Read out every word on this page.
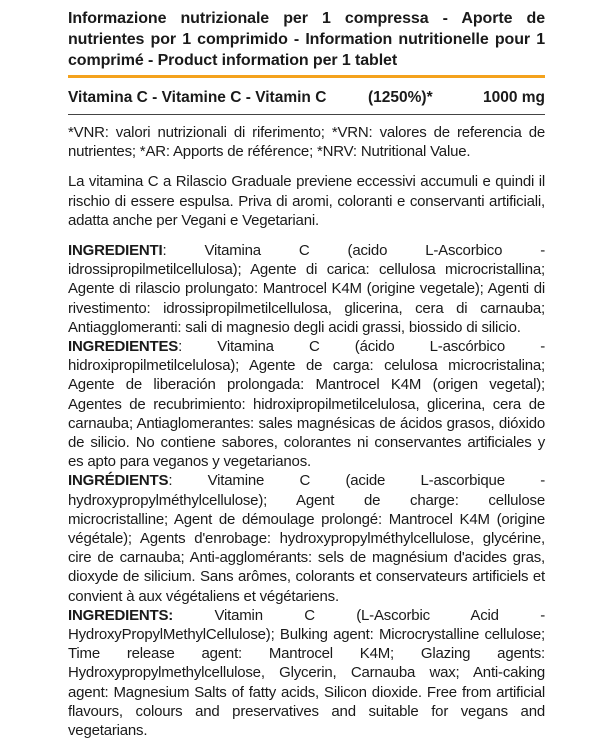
Informazione nutrizionale per 1 compressa - Aporte de nutrientes por 1 comprimido - Information nutritionelle pour 1 comprimé - Product information per 1 tablet
Vitamina C - Vitamine C - Vitamin C	(1250%)*	1000 mg
*VNR: valori nutrizionali di riferimento; *VRN: valores de referencia de nutrientes; *AR: Apports de référence; *NRV: Nutritional Value.
La vitamina C a Rilascio Graduale previene eccessivi accumuli e quindi il rischio di essere espulsa. Priva di aromi, coloranti e conservanti artificiali, adatta anche per Vegani e Vegetariani.
INGREDIENTI: Vitamina C (acido L-Ascorbico - idrossipropilmetilcellulosa); Agente di carica: cellulosa microcristallina; Agente di rilascio prolungato: Mantrocel K4M (origine vegetale); Agenti di rivestimento: idrossipropilmetilcellulosa, glicerina, cera di carnauba; Antiagglomeranti: sali di magnesio degli acidi grassi, biossido di silicio.
INGREDIENTES: Vitamina C (ácido L-ascórbico - hidroxipropilmetilcelulosa); Agente de carga: celulosa microcristalina; Agente de liberación prolongada: Mantrocel K4M (origen vegetal); Agentes de recubrimiento: hidroxipropilmetilcelulosa, glicerina, cera de carnauba; Antiaglomerantes: sales magnésicas de ácidos grasos, dióxido de silicio. No contiene sabores, colorantes ni conservantes artificiales y es apto para veganos y vegetarianos.
INGRÉDIENTS: Vitamine C (acide L-ascorbique - hydroxypropylméthylcellulose); Agent de charge: cellulose microcristalline; Agent de démoulage prolongé: Mantrocel K4M (origine végétale); Agents d'enrobage: hydroxypropylméthylcellulose, glycérine, cire de carnauba; Anti-agglomérants: sels de magnésium d'acides gras, dioxyde de silicium. Sans arômes, colorants et conservateurs artificiels et convient à aux végétaliens et végétariens.
INGREDIENTS: Vitamin C (L-Ascorbic Acid - HydroxyPropylMethylCellulose); Bulking agent: Microcrystalline cellulose; Time release agent: Mantrocel K4M; Glazing agents: Hydroxypropylmethylcellulose, Glycerin, Carnauba wax; Anti-caking agent: Magnesium Salts of fatty acids, Silicon dioxide. Free from artificial flavours, colours and preservatives and suitable for vegans and vegetarians.
